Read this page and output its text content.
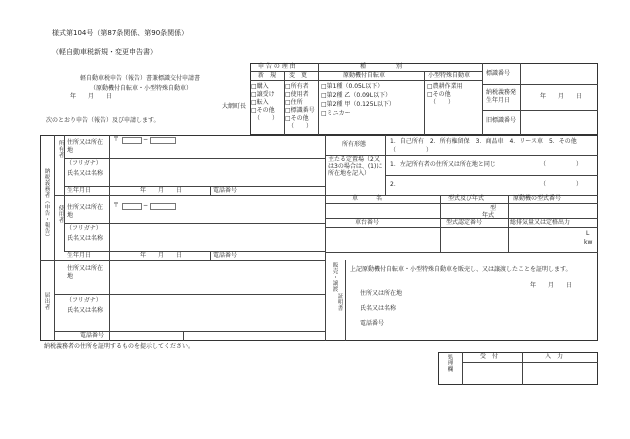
様式第104号（第87条関係、第90条関係）
（軽自動車税新規・変更申告書）
軽自動車税申告（報告）書兼標識交付申請書
（原動機付自転車・小型特殊自動車）
年　　月　　日
大網町長
次のとおり申告（報告）及び申請します。
申 告 の 理 由	種　　　　　別
新　規 変　更	原動機付自転車	小型特殊自動車
□購入
□譲受け
□転入
□その他
（　　）
□所有者
□使用者
□住所
□標識番号
□その他
（　　）
□第1種（0.05L以下）
□第2種 乙（0.09L以下）
□第2種 甲（0.125L以下）
□ミニカー
□農耕作業用
□その他
（　　）
標識番号
納税義務発生年月日
年　　月　　日
旧標識番号
納税義務者（申告・報告）
所有者
使用者
届出者
住所又は所在地
〒	−
（フリガナ）
氏名又は名称
生年月日	年　　月　　日	電話番号
住所又は所在地
〒	−
（フリガナ）
氏名又は名称
生年月日	年　　月　　日	電話番号
住所又は所在地
（フリガナ）
氏名又は名称
電話番号
所有形態	1．自己所有　2．所有権留保　3．商品車　4．リース車　5．その他（　　　　　）
主たる定置場（2又は3の場合は、(1)に所在地を記入）
1．左記所有者の住所又は所在地と同じ	（　　　　　）
2．	（　　　　　）
車　　　名	型式及び年式	原動機の型式番号
型
年式
車台番号	型式認定番号	総排気量又は定格出力
L
kw
販売・譲渡
証明書
上記原動機付自転車・小型特殊自動車を販売し、又は譲渡したことを証明します。
年　　月　　日
住所又は所在地
氏名又は名称
電話番号
納税義務者の住所を証明するものを提示してください。
処理欄	受　付	入　力
